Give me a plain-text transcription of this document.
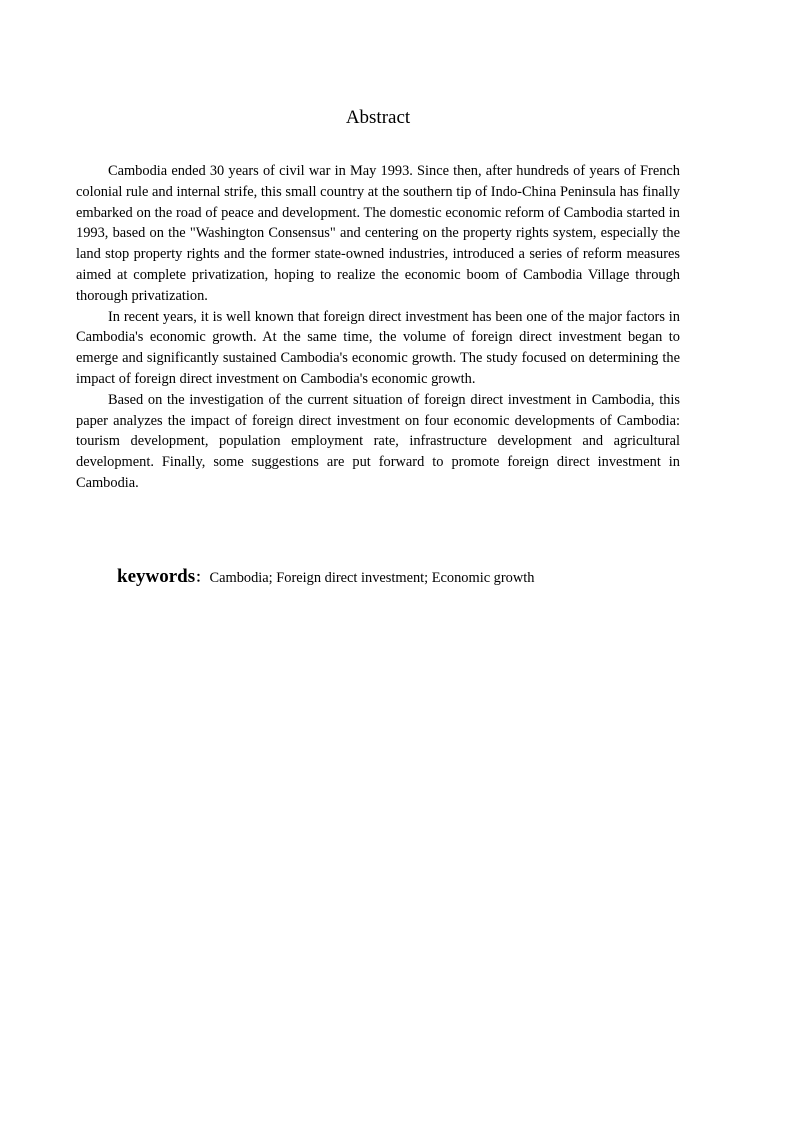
Abstract

Cambodia ended 30 years of civil war in May 1993. Since then, after hundreds of years of French colonial rule and internal strife, this small country at the southern tip of Indo-China Peninsula has finally embarked on the road of peace and development. The domestic economic reform of Cambodia started in 1993, based on the "Washington Consensus" and centering on the property rights system, especially the land stop property rights and the former state-owned industries, introduced a series of reform measures aimed at complete privatization, hoping to realize the economic boom of Cambodia Village through thorough privatization.

In recent years, it is well known that foreign direct investment has been one of the major factors in Cambodia's economic growth. At the same time, the volume of foreign direct investment began to emerge and significantly sustained Cambodia's economic growth. The study focused on determining the impact of foreign direct investment on Cambodia's economic growth.

Based on the investigation of the current situation of foreign direct investment in Cambodia, this paper analyzes the impact of foreign direct investment on four economic developments of Cambodia: tourism development, population employment rate, infrastructure development and agricultural development. Finally, some suggestions are put forward to promote foreign direct investment in Cambodia.

keywords：Cambodia; Foreign direct investment; Economic growth
